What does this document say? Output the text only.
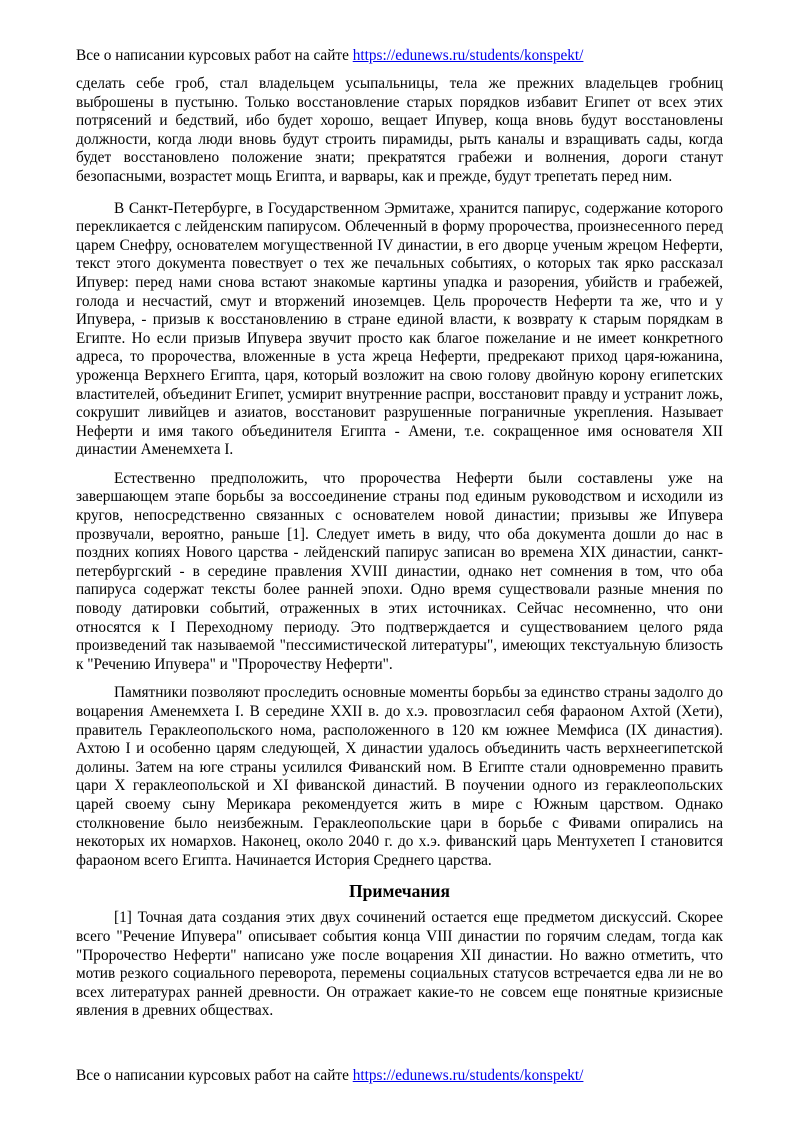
Все о написании курсовых работ на сайте https://edunews.ru/students/konspekt/

сделать себе гроб, стал владельцем усыпальницы, тела же прежних владельцев гробниц выброшены в пустыню. Только восстановление старых порядков избавит Египет от всех этих потрясений и бедствий, ибо будет хорошо, вещает Ипувер, коща вновь будут восстановлены должности, когда люди вновь будут строить пирамиды, рыть каналы и взращивать сады, когда будет восстановлено положение знати; прекратятся грабежи и волнения, дороги станут безопасными, возрастет мощь Египта, и варвары, как и прежде, будут трепетать перед ним.

В Санкт-Петербурге, в Государственном Эрмитаже, хранится папирус, содержание которого перекликается с лейденским папирусом. Облеченный в форму пророчества, произнесенного перед царем Снефру, основателем могущественной IV династии, в его дворце ученым жрецом Неферти, текст этого документа повествует о тех же печальных событиях, о которых так ярко рассказал Ипувер: перед нами снова встают знакомые картины упадка и разорения, убийств и грабежей, голода и несчастий, смут и вторжений иноземцев. Цель пророчеств Неферти та же, что и у Ипувера, - призыв к восстановлению в стране единой власти, к возврату к старым порядкам в Египте. Но если призыв Ипувера звучит просто как благое пожелание и не имеет конкретного адреса, то пророчества, вложенные в уста жреца Неферти, предрекают приход царя-южанина, уроженца Верхнего Египта, царя, который возложит на свою голову двойную корону египетских властителей, объединит Египет, усмирит внутренние распри, восстановит правду и устранит ложь, сокрушит ливийцев и азиатов, восстановит разрушенные пограничные укрепления. Называет Неферти и имя такого объединителя Египта - Амени, т.е. сокращенное имя основателя XII династии Аменемхета I.

Естественно предположить, что пророчества Неферти были составлены уже на завершающем этапе борьбы за воссоединение страны под единым руководством и исходили из кругов, непосредственно связанных с основателем новой династии; призывы же Ипувера прозвучали, вероятно, раньше [1]. Следует иметь в виду, что оба документа дошли до нас в поздних копиях Нового царства - лейденский папирус записан во времена XIX династии, санкт-петербургский - в середине правления XVIII династии, однако нет сомнения в том, что оба папируса содержат тексты более ранней эпохи. Одно время существовали разные мнения по поводу датировки событий, отраженных в этих источниках. Сейчас несомненно, что они относятся к I Переходному периоду. Это подтверждается и существованием целого ряда произведений так называемой "пессимистической литературы", имеющих текстуальную близость к "Речению Ипувера" и "Пророчеству Неферти".

Памятники позволяют проследить основные моменты борьбы за единство страны задолго до воцарения Аменемхета I. В середине XXII в. до х.э. провозгласил себя фараоном Ахтой (Хети), правитель Гераклеопольского нома, расположенного в 120 км южнее Мемфиса (IX династия). Ахтою I и особенно царям следующей, X династии удалось объединить часть верхнеегипетской долины. Затем на юге страны усилился Фиванский ном. В Египте стали одновременно править цари X гераклеопольской и XI фиванской династий. В поучении одного из гераклеопольских царей своему сыну Мерикара рекомендуется жить в мире с Южным царством. Однако столкновение было неизбежным. Гераклеопольские цари в борьбе с Фивами опирались на некоторых их номархов. Наконец, около 2040 г. до х.э. фиванский царь Ментухетеп I становится фараоном всего Египта. Начинается История Среднего царства.

Примечания

[1] Точная дата создания этих двух сочинений остается еще предметом дискуссий. Скорее всего "Речение Ипувера" описывает события конца VIII династии по горячим следам, тогда как "Пророчество Неферти" написано уже после воцарения XII династии. Но важно отметить, что мотив резкого социального переворота, перемены социальных статусов встречается едва ли не во всех литературах ранней древности. Он отражает какие-то не совсем еще понятные кризисные явления в древних обществах.

Все о написании курсовых работ на сайте https://edunews.ru/students/konspekt/
